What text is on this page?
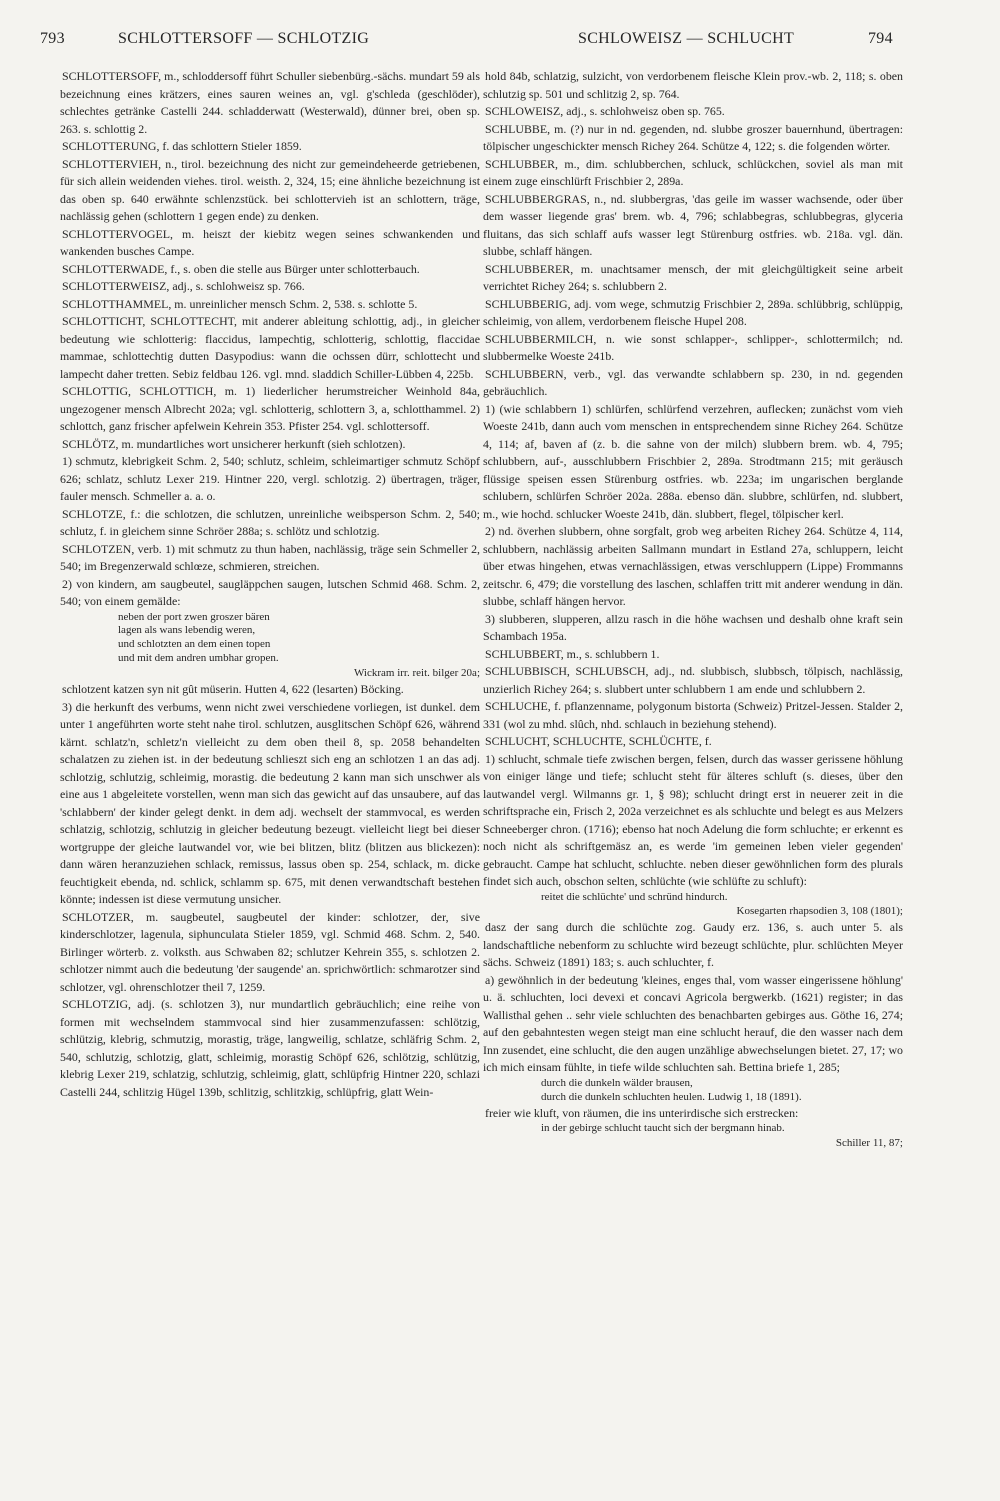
793	SCHLOTTERSOFF — SCHLOTZIG	SCHLOWEISZ — SCHLUCHT	794

SCHLOTTERSOFF, m., schloddersoff führt Schuller siebenbürg.-sächs. mundart 59 als bezeichnung eines krätzers, eines sauren weines an, vgl. g'schleda (geschlöder), schlechtes getränke Castelli 244. schladderwatt (Westerwald), dünner brei, oben sp. 263. s. schlottig 2.

SCHLOTTERUNG, f. das schlottern Stieler 1859.

SCHLOTTERVIEH, n., tirol. bezeichnung des nicht zur gemeindeheerde getriebenen, für sich allein weidenden viehes. tirol. weisth. 2, 324, 15; eine ähnliche bezeichnung ist das oben sp. 640 erwähnte schlenzstück. bei schlottervieh ist an schlottern, träge, nachlässig gehen (schlottern 1 gegen ende) zu denken.

SCHLOTTERVOGEL, m. heiszt der kiebitz wegen seines schwankenden und wankenden busches Campe.

SCHLOTTERWADE, f., s. oben die stelle aus Bürger unter schlotterbauch.

SCHLOTTERWEISZ, adj., s. schlohweisz sp. 766.

SCHLOTTHAMMEL, m. unreinlicher mensch Schm. 2, 538. s. schlotte 5.

SCHLOTTICHT, SCHLOTTECHT, mit anderer ableitung schlottig, adj., in gleicher bedeutung wie schlotterig: flaccidus, lampechtig, schlotterig, schlottig, flaccidae mammae, schlottechtig dutten Dasypodius: wann die ochssen dürr, schlottecht und lampecht daher tretten. Sebiz feldbau 126. vgl. mnd. sladdich Schiller-Lübben 4, 225b.

SCHLOTTIG, SCHLOTTICH, m. 1) liederlicher herumstreicher Weinhold 84a, ungezogener mensch Albrecht 202a; vgl. schlotterig, schlottern 3, a, schlotthammel. 2) schlottch, ganz frischer apfelwein Kehrein 353. Pfister 254. vgl. schlottersoff.

SCHLÖTZ, m. mundartliches wort unsicherer herkunft (sieh schlotzen).

1) schmutz, klebrigkeit Schm. 2, 540; schlutz, schleim, schleimartiger schmutz Schöpf 626; schlatz, schlutz Lexer 219. Hintner 220, vergl. schlotzig. 2) übertragen, träger, fauler mensch. Schmeller a. a. o.

SCHLOTZE, f.: die schlotzen, die schlutzen, unreinliche weibsperson Schm. 2, 540; schlutz, f. in gleichem sinne Schröer 288a; s. schlötz und schlotzig.

SCHLOTZEN, verb. 1) mit schmutz zu thun haben, nachlässig, träge sein Schmeller 2, 540; im Bregenzerwald schlœze, schmieren, streichen.

2) von kindern, am saugbeutel, saugläppchen saugen, lutschen Schmid 468. Schm. 2, 540; von einem gemälde:

neben der port zwen groszer bären

lagen als wans lebendig weren,

und schlotzten an dem einen topen

und mit dem andren umbhar gropen.

Wickram irr. reit. bilger 20a;

schlotzent katzen syn nit gût müserin. Hutten 4, 622 (lesarten) Böcking.

3) die herkunft des verbums, wenn nicht zwei verschiedene vorliegen, ist dunkel. dem unter 1 angeführten worte steht nahe tirol. schlutzen, ausglitschen Schöpf 626, während kärnt. schlatz'n, schletz'n vielleicht zu dem oben theil 8, sp. 2058 behandelten schalatzen zu ziehen ist. in der bedeutung schlieszt sich eng an schlotzen 1 an das adj. schlotzig, schlutzig, schleimig, morastig. die bedeutung 2 kann man sich unschwer als eine aus 1 abgeleitete vorstellen, wenn man sich das gewicht auf das unsaubere, auf das 'schlabbern' der kinder gelegt denkt. in dem adj. wechselt der stammvocal, es werden schlatzig, schlotzig, schlutzig in gleicher bedeutung bezeugt. vielleicht liegt bei dieser wortgruppe der gleiche lautwandel vor, wie bei blitzen, blitz (blitzen aus blickezen): dann wären heranzuziehen schlack, remissus, lassus oben sp. 254, schlack, m. dicke feuchtigkeit ebenda, nd. schlick, schlamm sp. 675, mit denen verwandtschaft bestehen könnte; indessen ist diese vermutung unsicher.

SCHLOTZER, m. saugbeutel, saugbeutel der kinder: schlotzer, der, sive kinderschlotzer, lagenula, siphunculata Stieler 1859, vgl. Schmid 468. Schm. 2, 540. Birlinger wörterb. z. volksth. aus Schwaben 82; schlutzer Kehrein 355, s. schlotzen 2. schlotzer nimmt auch die bedeutung 'der saugende' an. sprichwörtlich: schmarotzer sind schlotzer, vgl. ohrenschlotzer theil 7, 1259.

SCHLOTZIG, adj. (s. schlotzen 3), nur mundartlich gebräuchlich; eine reihe von formen mit wechselndem stammvocal sind hier zusammenzufassen: schlötzig, schlützig, klebrig, schmutzig, morastig, träge, langweilig, schlatze, schläfrig Schm. 2, 540, schlutzig, schlotzig, glatt, schleimig, morastig Schöpf 626, schlötzig, schlützig, klebrig Lexer 219, schlatzig, schlutzig, schleimig, glatt, schlüpfrig Hintner 220, schlazi Castelli 244, schlitzig Hügel 139b, schlitzig, schlitzkig, schlüpfrig, glatt Wein-

hold 84b, schlatzig, sulzicht, von verdorbenem fleische Klein prov.-wb. 2, 118; s. oben schlutzig sp. 501 und schlitzig 2, sp. 764.

SCHLOWEISZ, adj., s. schlohweisz oben sp. 765.

SCHLUBBE, m. (?) nur in nd. gegenden, nd. slubbe groszer bauernhund, übertragen: tölpischer ungeschickter mensch Richey 264. Schütze 4, 122; s. die folgenden wörter.

SCHLUBBER, m., dim. schlubberchen, schluck, schlückchen, soviel als man mit einem zuge einschlürft Frischbier 2, 289a.

SCHLUBBERGRAS, n., nd. slubbergras, 'das geile im wasser wachsende, oder über dem wasser liegende gras' brem. wb. 4, 796; schlabbegras, schlubbegras, glyceria fluitans, das sich schlaff aufs wasser legt Stürenburg ostfries. wb. 218a. vgl. dän. slubbe, schlaff hängen.

SCHLUBBERER, m. unachtsamer mensch, der mit gleichgültigkeit seine arbeit verrichtet Richey 264; s. schlubbern 2.

SCHLUBBERIG, adj. vom wege, schmutzig Frischbier 2, 289a. schlübbrig, schlüppig, schleimig, von allem, verdorbenem fleische Hupel 208.

SCHLUBBERMILCH, n. wie sonst schlapper-, schlipper-, schlottermilch; nd. slubbermelke Woeste 241b.

SCHLUBBERN, verb., vgl. das verwandte schlabbern sp. 230, in nd. gegenden gebräuchlich.

1) (wie schlabbern 1) schlürfen, schlürfend verzehren, auflecken; zunächst vom vieh Woeste 241b, dann auch vom menschen in entsprechendem sinne Richey 264. Schütze 4, 114; af, baven af (z. b. die sahne von der milch) slubbern brem. wb. 4, 795; schlubbern, auf-, ausschlubbern Frischbier 2, 289a. Strodtmann 215; mit geräusch flüssige speisen essen Stürenburg ostfries. wb. 223a; im ungarischen berglande schlubern, schlürfen Schröer 202a. 288a. ebenso dän. slubbre, schlürfen, nd. slubbert, m., wie hochd. schlucker Woeste 241b, dän. slubbert, flegel, tölpischer kerl.

2) nd. överhen slubbern, ohne sorgfalt, grob weg arbeiten Richey 264. Schütze 4, 114, schlubbern, nachlässig arbeiten Sallmann mundart in Estland 27a, schluppern, leicht über etwas hingehen, etwas vernachlässigen, etwas verschluppern (Lippe) Frommanns zeitschr. 6, 479; die vorstellung des laschen, schlaffen tritt mit anderer wendung in dän. slubbe, schlaff hängen hervor.

3) slubberen, slupperen, allzu rasch in die höhe wachsen und deshalb ohne kraft sein Schambach 195a.

SCHLUBBERT, m., s. schlubbern 1.

SCHLUBBISCH, SCHLUBSCH, adj., nd. slubbisch, slubbsch, tölpisch, nachlässig, unzierlich Richey 264; s. slubbert unter schlubbern 1 am ende und schlubbern 2.

SCHLUCHE, f. pflanzenname, polygonum bistorta (Schweiz) Pritzel-Jessen. Stalder 2, 331 (wol zu mhd. slûch, nhd. schlauch in beziehung stehend).

SCHLUCHT, SCHLUCHTE, SCHLÜCHTE, f.

1) schlucht, schmale tiefe zwischen bergen, felsen, durch das wasser gerissene höhlung von einiger länge und tiefe; schlucht steht für älteres schluft (s. dieses, über den lautwandel vergl. Wilmanns gr. 1, § 98); schlucht dringt erst in neuerer zeit in die schriftsprache ein, Frisch 2, 202a verzeichnet es als schluchte und belegt es aus Melzers Schneeberger chron. (1716); ebenso hat noch Adelung die form schluchte; er erkennt es noch nicht als schriftgemäsz an, es werde 'im gemeinen leben vieler gegenden' gebraucht. Campe hat schlucht, schluchte. neben dieser gewöhnlichen form des plurals findet sich auch, obschon selten, schlüchte (wie schlüfte zu schluft):

reitet die schlüchte' und schründ hindurch.

Kosegarten rhapsodien 3, 108 (1801);

dasz der sang durch die schlüchte zog. Gaudy erz. 136, s. auch unter 5. als landschaftliche nebenform zu schluchte wird bezeugt schlüchte, plur. schlüchten Meyer sächs. Schweiz (1891) 183; s. auch schluchter, f.

a) gewöhnlich in der bedeutung 'kleines, enges thal, vom wasser eingerissene höhlung' u. ä. schluchten, loci devexi et concavi Agricola bergwerkb. (1621) register; in das Wallisthal gehen .. sehr viele schluchten des benachbarten gebirges aus. Göthe 16, 274; auf den gebahntesten wegen steigt man eine schlucht herauf, die den wasser nach dem Inn zusendet, eine schlucht, die den augen unzählige abwechselungen bietet. 27, 17; wo ich mich einsam fühlte, in tiefe wilde schluchten sah. Bettina briefe 1, 285;

durch die dunkeln wälder brausen,

durch die dunkeln schluchten heulen. Ludwig 1, 18 (1891).

freier wie kluft, von räumen, die ins unterirdische sich erstrecken:

in der gebirge schlucht taucht sich der bergmann hinab.

Schiller 11, 87;
